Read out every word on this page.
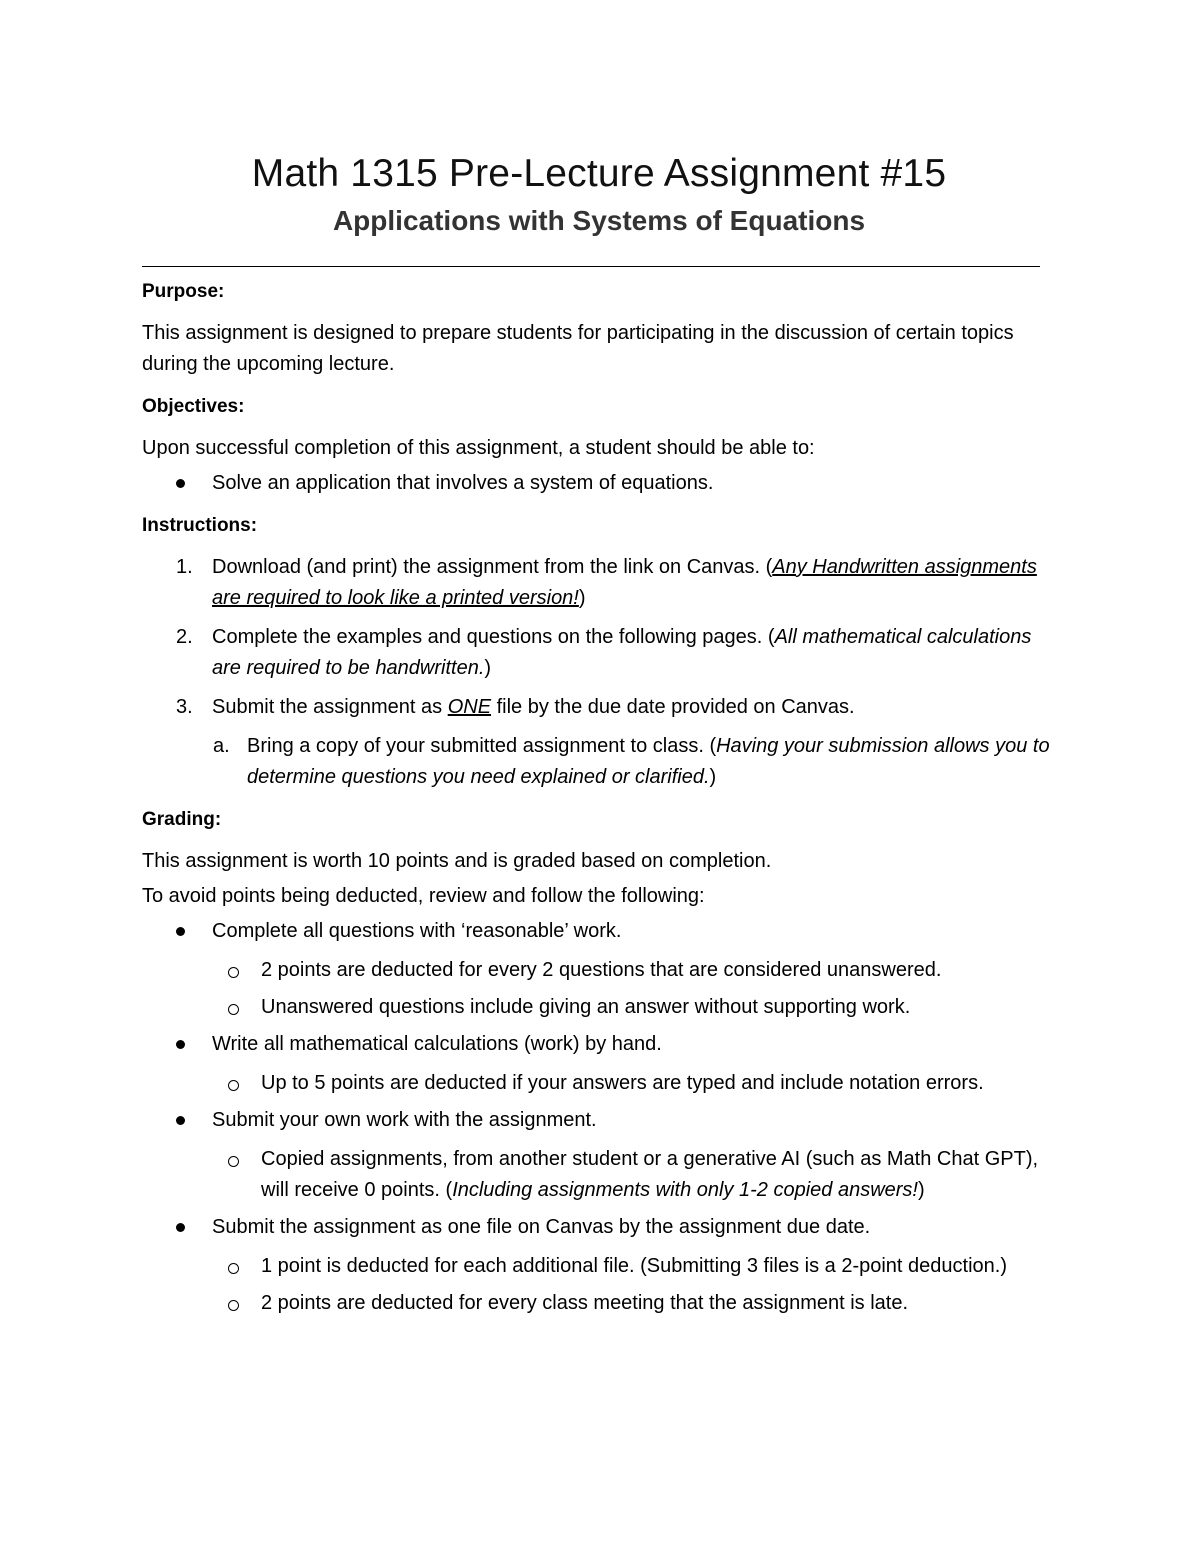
Math 1315 Pre-Lecture Assignment #15
Applications with Systems of Equations
Purpose:
This assignment is designed to prepare students for participating in the discussion of certain topics during the upcoming lecture.
Objectives:
Upon successful completion of this assignment, a student should be able to:
Solve an application that involves a system of equations.
Instructions:
1. Download (and print) the assignment from the link on Canvas. (Any Handwritten assignments are required to look like a printed version!)
2. Complete the examples and questions on the following pages. (All mathematical calculations are required to be handwritten.)
3. Submit the assignment as ONE file by the due date provided on Canvas.
a. Bring a copy of your submitted assignment to class. (Having your submission allows you to determine questions you need explained or clarified.)
Grading:
This assignment is worth 10 points and is graded based on completion.
To avoid points being deducted, review and follow the following:
Complete all questions with ‘reasonable’ work.
2 points are deducted for every 2 questions that are considered unanswered.
Unanswered questions include giving an answer without supporting work.
Write all mathematical calculations (work) by hand.
Up to 5 points are deducted if your answers are typed and include notation errors.
Submit your own work with the assignment.
Copied assignments, from another student or a generative AI (such as Math Chat GPT), will receive 0 points. (Including assignments with only 1-2 copied answers!)
Submit the assignment as one file on Canvas by the assignment due date.
1 point is deducted for each additional file. (Submitting 3 files is a 2-point deduction.)
2 points are deducted for every class meeting that the assignment is late.
